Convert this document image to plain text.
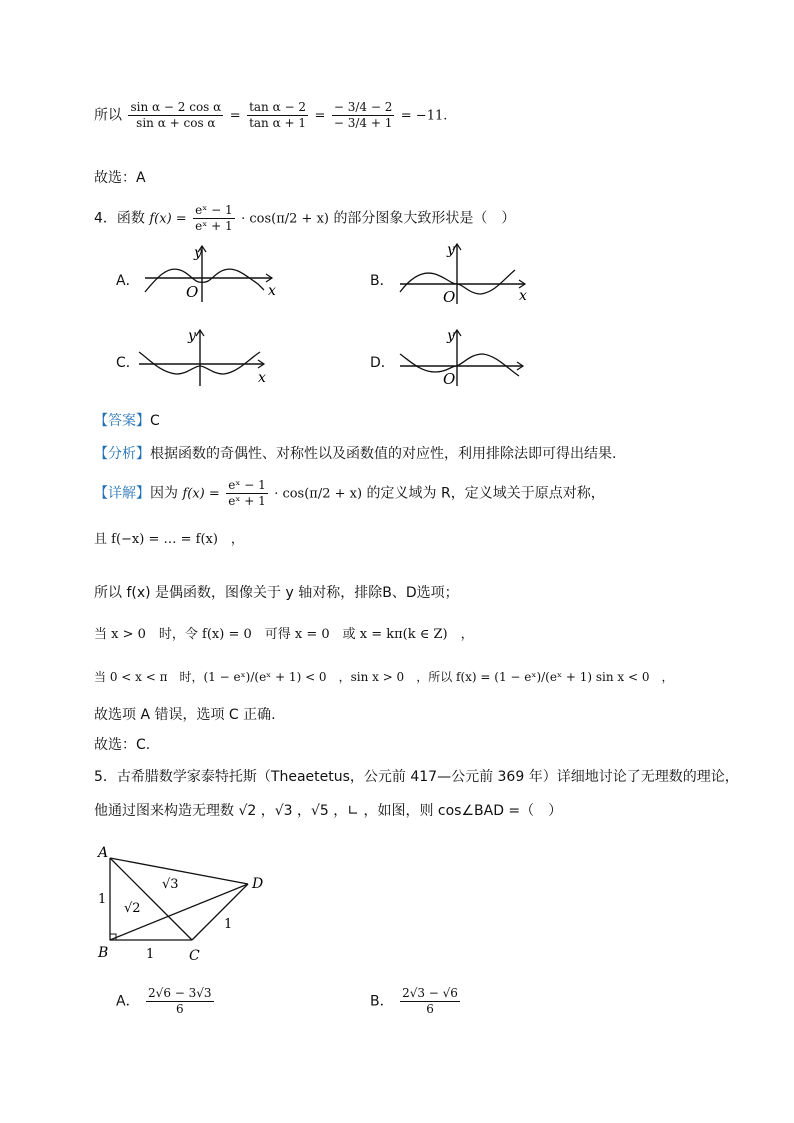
所以 $\frac{\text{sin α − 2 cos α}}{\text{sin α + cos α}} = \frac{\text{tan α − 2}}{\text{tan α + 1}} = \frac{- 3/4 - 2}{- 3/4 + 1} = -11$.
故选：A
4．函数 $f(x) = \frac{\text{eˣ − 1}}{\text{eˣ + 1}} \cdot \cos(\pi/2 + x)$ 的部分图象大致形状是（　）
A．
y
x
O
B．
y
x
O
C．
y
x
D．
y
O
【答案】C
【分析】根据函数的奇偶性、对称性以及函数值的对应性，利用排除法即可得出结果.
【详解】因为 $f(x) = \frac{\text{eˣ − 1}}{\text{eˣ + 1}} \cdot \cos(\pi/2 + x)$ 的定义域为 R，定义域关于原点对称，
且 f(−x) = … = f(x)　，
所以 f(x) 是偶函数，图像关于 y 轴对称，排除B、D选项；
当 x > 0　时，令 f(x) = 0　可得 x = 0　或 x = kπ(k ∈ Z)　，
当 0 < x < π　时，(1 − eˣ)/(eˣ + 1) < 0　，sin x > 0　，所以 f(x) = (1 − eˣ)/(eˣ + 1) sin x < 0　，
故选项 A 错误，选项 C 正确.
故选：C.
5．古希腊数学家泰特托斯（Theaetetus，公元前 417—公元前 369 年）详细地讨论了无理数的理论，
他通过图来构造无理数 √2 ，√3 ，√5 ，∟ ，如图，则 cos∠BAD =（　）
A
B	C
D
1
1
1
√2
√3
A． $\frac{2√6 - 3√3}{6}$	B． $\frac{2√3 - √6}{6}$
